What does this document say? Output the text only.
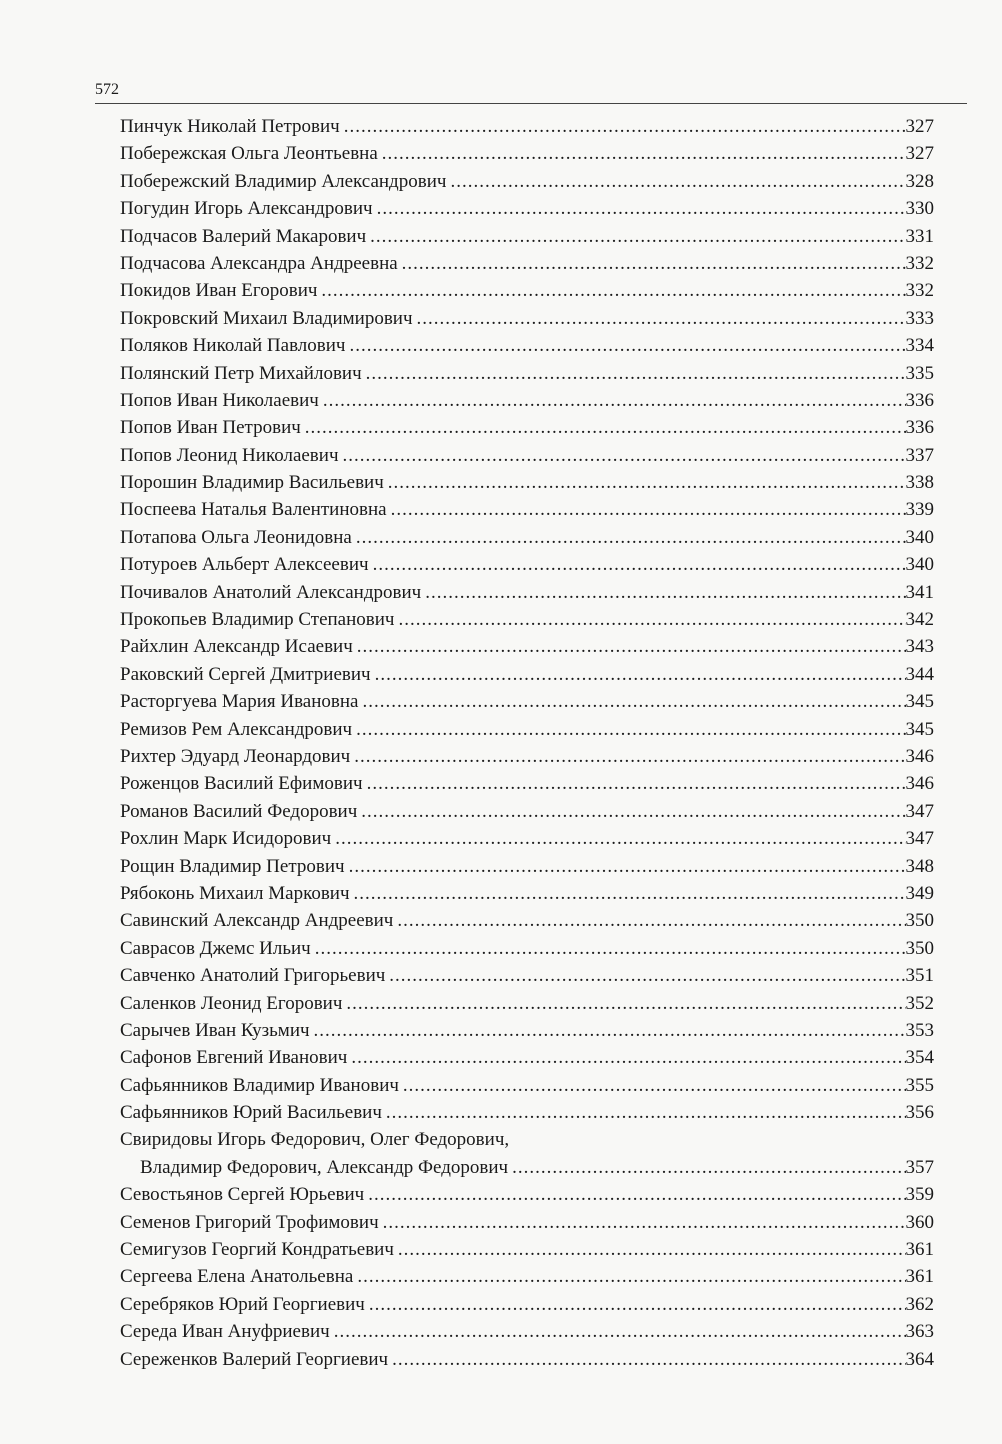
572
Пинчук Николай Петрович .....	327
Побережская Ольга Леонтьевна .....	327
Побережский Владимир Александрович .....	328
Погудин Игорь Александрович .....	330
Подчасов Валерий Макарович .....	331
Подчасова Александра Андреевна .....	332
Покидов Иван Егорович .....	332
Покровский Михаил Владимирович .....	333
Поляков Николай Павлович .....	334
Полянский Петр Михайлович .....	335
Попов Иван Николаевич .....	336
Попов Иван Петрович .....	336
Попов Леонид Николаевич .....	337
Порошин Владимир Васильевич .....	338
Поспеева Наталья Валентиновна .....	339
Потапова Ольга Леонидовна .....	340
Потуроев Альберт Алексеевич .....	340
Почивалов Анатолий Александрович .....	341
Прокопьев Владимир Степанович .....	342
Райхлин Александр Исаевич .....	343
Раковский Сергей Дмитриевич .....	344
Расторгуева Мария Ивановна .....	345
Ремизов Рем Александрович .....	345
Рихтер Эдуард Леонардович .....	346
Роженцов Василий Ефимович .....	346
Романов Василий Федорович .....	347
Рохлин Марк Исидорович .....	347
Рощин Владимир Петрович .....	348
Рябоконь Михаил Маркович .....	349
Савинский Александр Андреевич .....	350
Саврасов Джемс Ильич .....	350
Савченко Анатолий Григорьевич .....	351
Саленков Леонид Егорович .....	352
Сарычев Иван Кузьмич .....	353
Сафонов Евгений Иванович .....	354
Сафьянников Владимир Иванович .....	355
Сафьянников Юрий Васильевич .....	356
Свиридовы Игорь Федорович, Олег Федорович,
Владимир Федорович, Александр Федорович .....	357
Севостьянов Сергей Юрьевич .....	359
Семенов Григорий Трофимович .....	360
Семигузов Георгий Кондратьевич .....	361
Сергеева Елена Анатольевна .....	361
Серебряков Юрий Георгиевич .....	362
Середа Иван Ануфриевич .....	363
Сереженков Валерий Георгиевич .....	364
